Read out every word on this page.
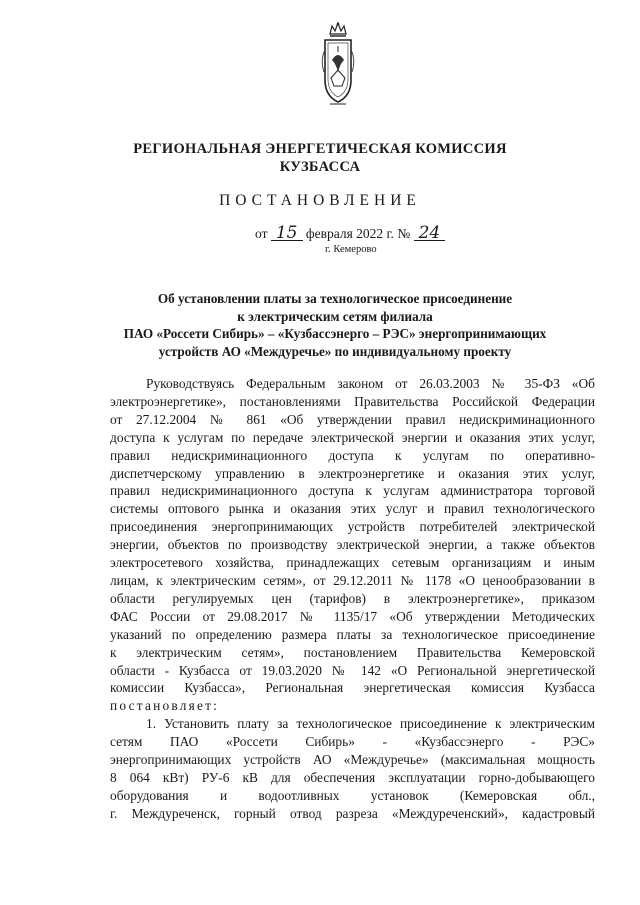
РЕГИОНАЛЬНАЯ ЭНЕРГЕТИЧЕСКАЯ КОМИССИЯ
КУЗБАССА
ПОСТАНОВЛЕНИЕ
от 15 февраля 2022 г. № 24
г. Кемерово
Об установлении платы за технологическое присоединение
к электрическим сетям филиала
ПАО «Россети Сибирь» – «Кузбассэнерго – РЭС» энергопринимающих
устройств АО «Междуречье» по индивидуальному проекту
Руководствуясь Федеральным законом от 26.03.2003 № 35-ФЗ «Об
электроэнергетике», постановлениями Правительства Российской Федерации
от 27.12.2004 № 861 «Об утверждении правил недискриминационного
доступа к услугам по передаче электрической энергии и оказания этих услуг,
правил недискриминационного доступа к услугам по оперативно-
диспетчерскому управлению в электроэнергетике и оказания этих услуг,
правил недискриминационного доступа к услугам администратора торговой
системы оптового рынка и оказания этих услуг и правил технологического
присоединения энергопринимающих устройств потребителей электрической
энергии, объектов по производству электрической энергии, а также объектов
электросетевого хозяйства, принадлежащих сетевым организациям и иным
лицам, к электрическим сетям», от 29.12.2011 № 1178 «О ценообразовании в
области регулируемых цен (тарифов) в электроэнергетике», приказом
ФАС России от 29.08.2017 № 1135/17 «Об утверждении Методических
указаний по определению размера платы за технологическое присоединение
к электрическим сетям», постановлением Правительства Кемеровской
области - Кузбасса от 19.03.2020 № 142 «О Региональной энергетической
комиссии Кузбасса», Региональная энергетическая комиссия Кузбасса
постановляет:
1. Установить плату за технологическое присоединение к электрическим
сетям ПАО «Россети Сибирь» - «Кузбассэнерго - РЭС»
энергопринимающих устройств АО «Междуречье» (максимальная мощность
8 064 кВт) РУ-6 кВ для обеспечения эксплуатации горно-добывающего
оборудования и водоотливных установок (Кемеровская обл.,
г. Междуреченск, горный отвод разреза «Междуреченский», кадастровый
